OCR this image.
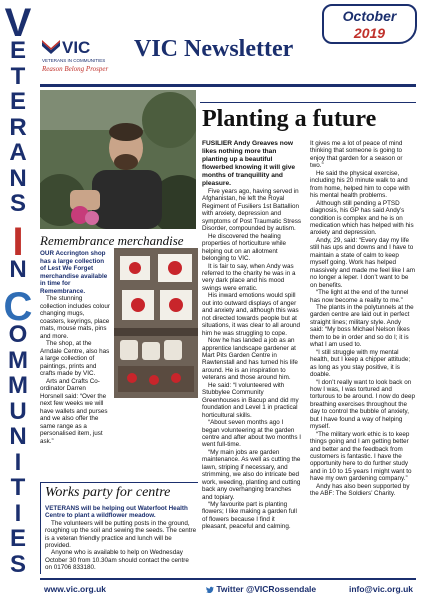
V
E
T
E
R
A
N
S
I
N
C
O
M
M
U
N
I
T
I
E
S
VIC
VETERANS IN COMMUNITIES
Reason Belong Prosper
VIC Newsletter
October
2019
Remembrance merchandise

OUR Accrington shop has a large collection of Lest We Forget merchandise available in time for Remembrance.

The stunning collection includes colour changing mugs, coasters, keyrings, place mats, mouse mats, pins and more.

The shop, at the Arndale Centre, also has a large collection of paintings, prints and crafts made by VIC.

Arts and Crafts Co-ordinator Darren Horsnell said: “Over the next few weeks we will have wallets and purses and we also offer the same range as a personalised item, just ask.”

Works party for centre

VETERANS will be helping out Waterfoot Health Centre to plant a wildflower meadow.

The volunteers will be putting posts in the ground, roughing up the soil and sewing the seeds. The centre is a veteran friendly practice and lunch will be provided.

Anyone who is available to help on Wednesday October 30 from 10.30am should contact the centre on 01706 833180.

Planting a future

FUSILIER Andy Greaves now likes nothing more than planting up a beautiful flowerbed knowing it will give months of tranquillity and pleasure.

Five years ago, having served in Afghanistan, he left the Royal Regiment of Fusiliers 1st Battallion with anxiety, depression and symptoms of Post Traumatic Stress Disorder, compounded by autism.

He discovered the healing properties of horticulture while helping out on an allotment belonging to VIC.

It is fair to say, when Andy was referred to the charity he was in a very dark place and his mood swings were erratic.

His inward emotions would spill out into outward displays of anger and anxiety and, although this was not directed towards people but at situations, it was clear to all around him he was struggling to cope.

Now he has landed a job as an apprentice landscape gardener at Mart Pits Garden Centre in Rawtenstall and has turned his life around. He is an inspiration to veterans and those around him.

He said: “I volunteered with Stubbylee Community Greenhouses in Bacup and did my foundation and Level 1 in practical horticultural skills.

“About seven months ago I began volunteering at the garden centre and after about two months I went full-time.

“My main jobs are garden maintenance. As well as cutting the lawn, striping if necessary, and strimming, we also do intricate bed work, weeding, planting and cutting back any overhanging branches and topiary.

“My favourite part is planting flowers; I like making a garden full of flowers because I find it pleasant, peaceful and calming.

It gives me a lot of peace of mind thinking that someone is going to enjoy that garden for a season or two.”

He said the physical exercise, including his 20 minute walk to and from home, helped him to cope with his mental health problems.

Although still pending a PTSD diagnosis, his GP has said Andy’s condition is complex and he is on medication which has helped with his anxiety and depression.

Andy, 29, said: “Every day my life still has ups and downs and I have to maintain a state of calm to keep myself going. Work has helped massively and made me feel like I am no longer a leper. I don’t want to be on benefits.

“The light at the end of the tunnel has now become a reality to me.”

The plants in the polytunnels at the garden centre are laid out in perfect straight lines; military style. Andy said: “My boss Michael Nelson likes them to be in order and so do I; it is what I am used to.

“I still struggle with my mental health, but I keep a chipper attitude; as long as you stay positive, it is doable.

“I don’t really want to look back on how I was, I was tortured and torturous to be around. I now do deep breathing exercises throughout the day to control the bubble of anxiety, but I have found a way of helping myself.

“The military work ethic is to keep things going and I am getting better and better and the feedback from customers is fantastic. I have the opportunity here to do further study and in 10 to 15 years I might want to have my own gardening company.”

Andy has also been supported by the ABF: The Soldiers’ Charity.

www.vic.org.uk	Twitter @VICRossendale	info@vic.org.uk
